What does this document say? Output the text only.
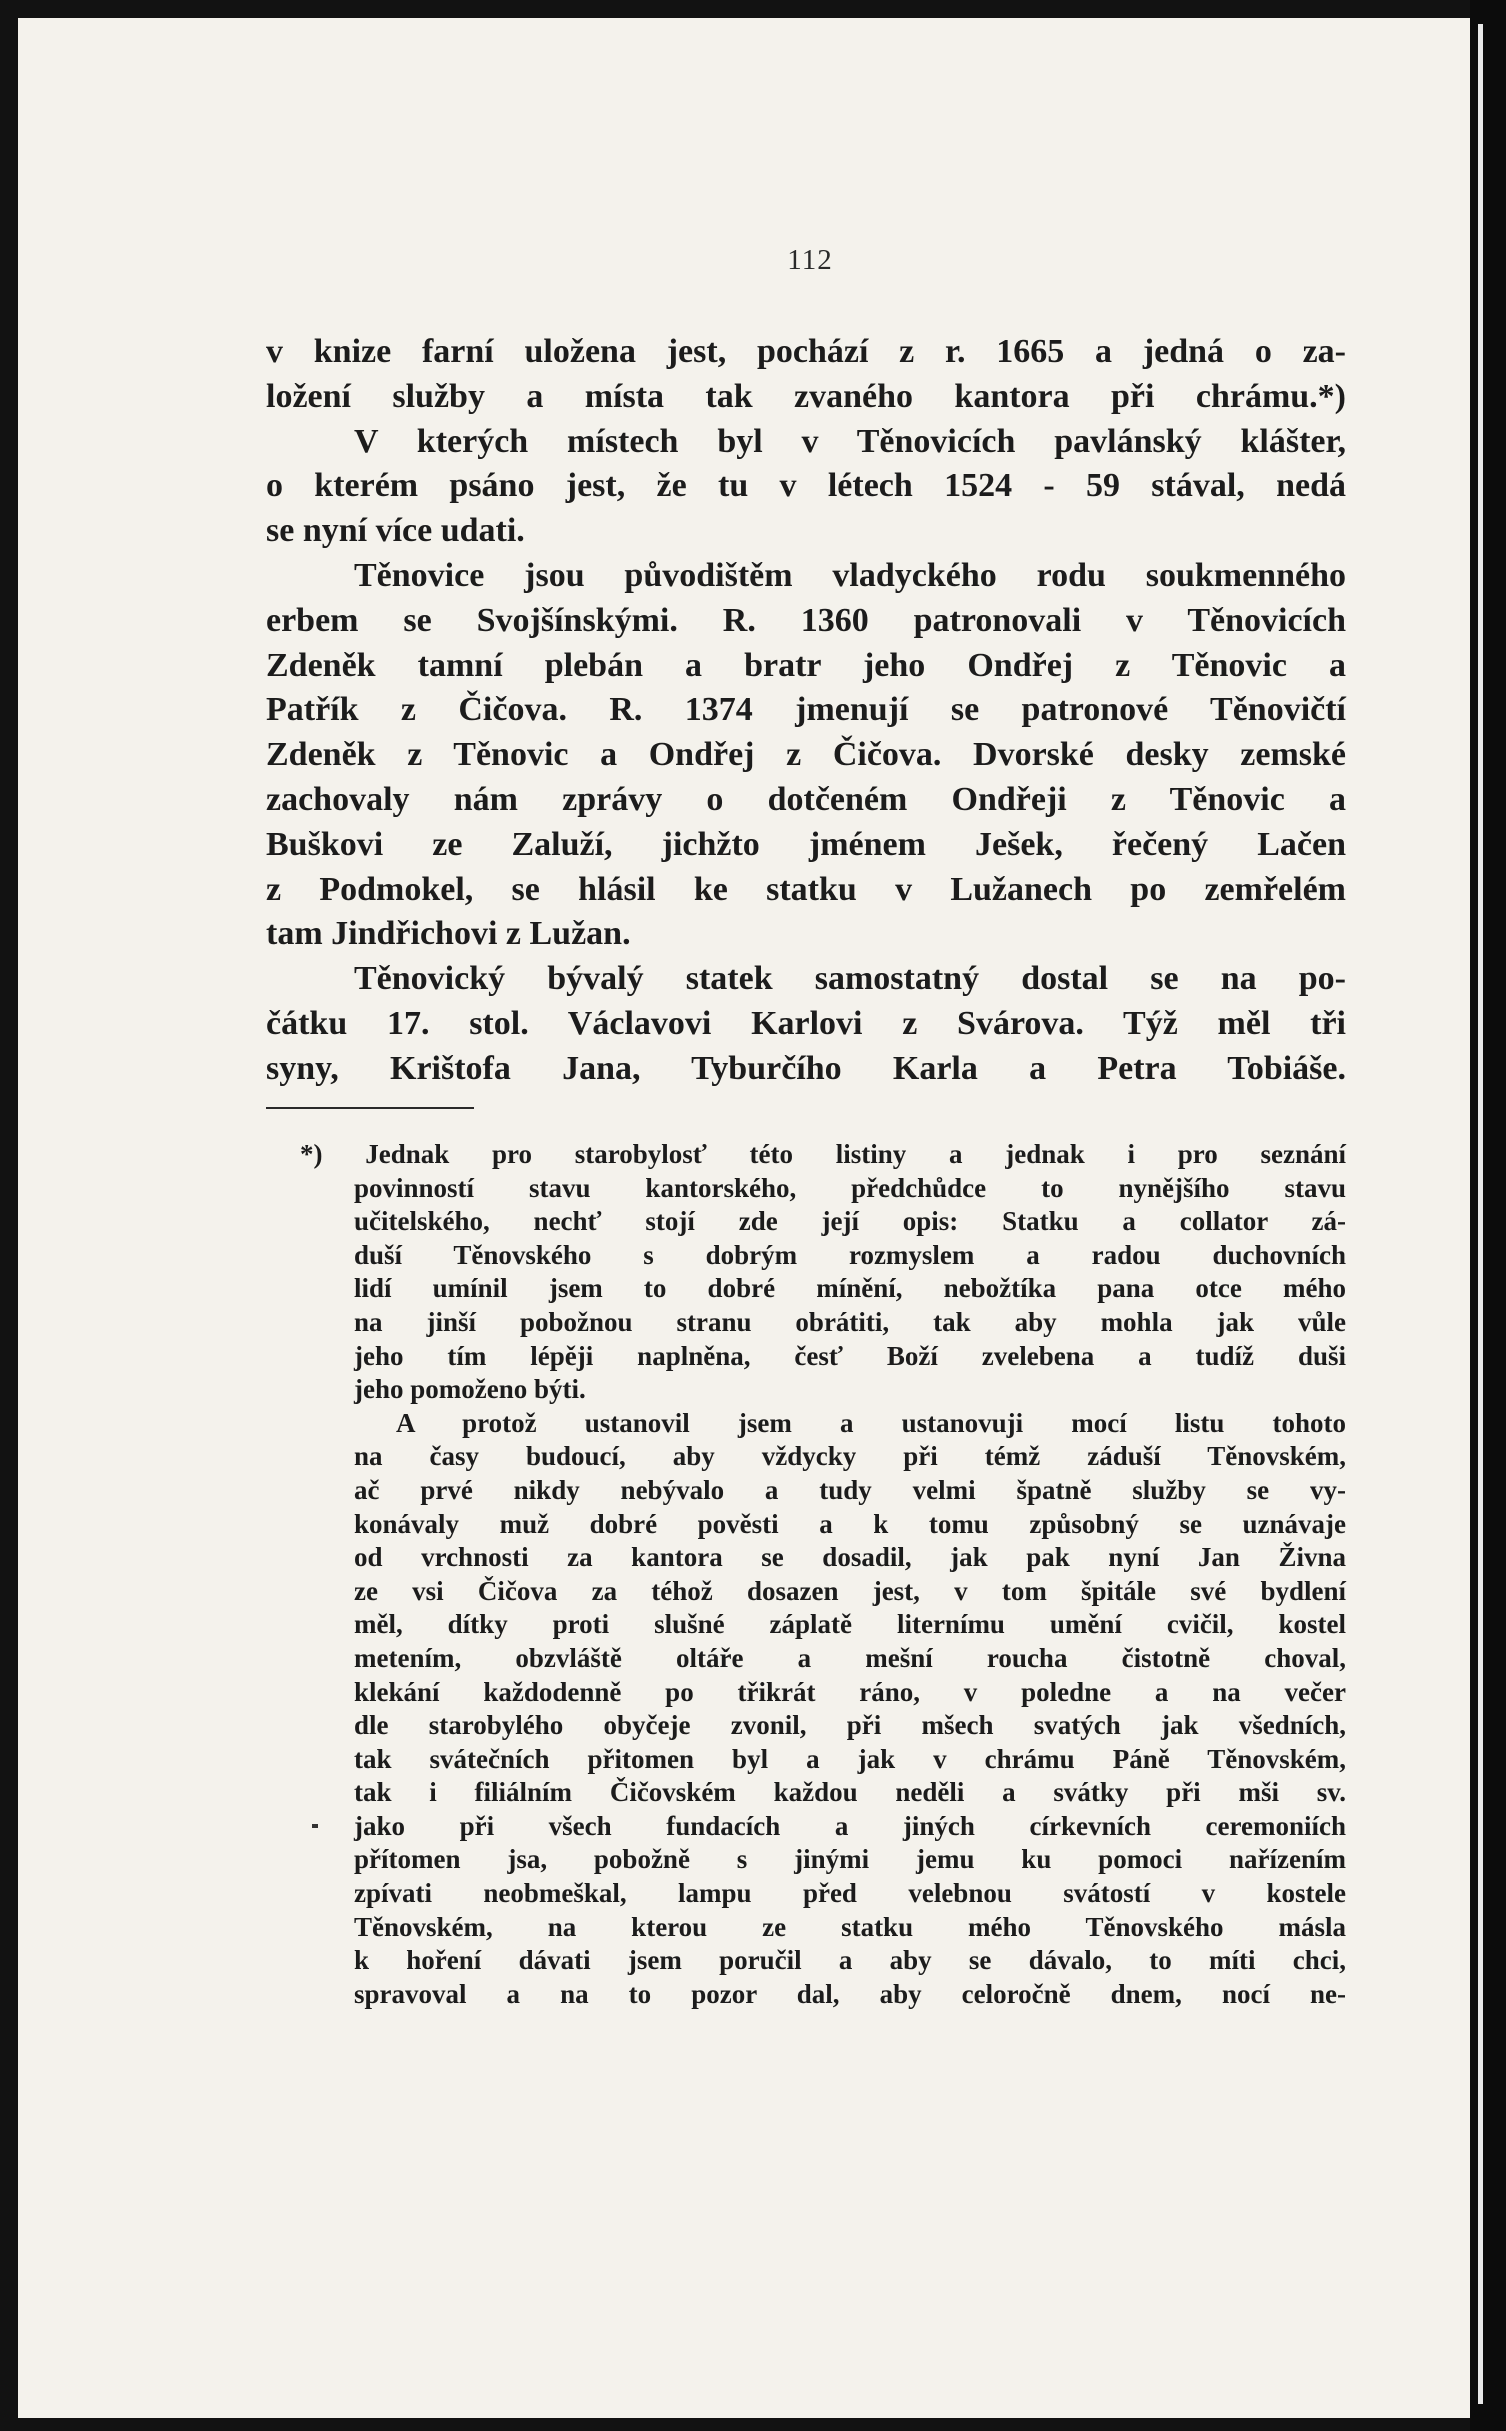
112
v knize farní uložena jest, pochází z r. 1665 a jedná o za-
ložení služby a místa tak zvaného kantora při chrámu.*)
V kterých místech byl v Těnovicích pavlánský klášter,
o kterém psáno jest, že tu v létech 1524 - 59 stával, nedá
se nyní více udati.
Těnovice jsou původištěm vladyckého rodu soukmenného
erbem se Svojšínskými. R. 1360 patronovali v Těnovicích
Zdeněk tamní plebán a bratr jeho Ondřej z Těnovic a
Patřík z Čičova. R. 1374 jmenují se patronové Těnovičtí
Zdeněk z Těnovic a Ondřej z Čičova. Dvorské desky zemské
zachovaly nám zprávy o dotčeném Ondřeji z Těnovic a
Buškovi ze Zaluží, jichžto jménem Ješek, řečený Lačen
z Podmokel, se hlásil ke statku v Lužanech po zemřelém
tam Jindřichovi z Lužan.
Těnovický bývalý statek samostatný dostal se na po-
čátku 17. stol. Václavovi Karlovi z Svárova. Týž měl tři
syny, Krištofa Jana, Tyburčího Karla a Petra Tobiáše.
*) Jednak pro starobylosť této listiny a jednak i pro seznání
povinností stavu kantorského, předchůdce to nynějšího stavu
učitelského, nechť stojí zde její opis: Statku a collator zá-
duší Těnovského s dobrým rozmyslem a radou duchovních
lidí umínil jsem to dobré mínění, nebožtíka pana otce mého
na jinší pobožnou stranu obrátiti, tak aby mohla jak vůle
jeho tím lépěji naplněna, česť Boží zvelebena a tudíž duši
jeho pomoženo býti.
A protož ustanovil jsem a ustanovuji mocí listu tohoto
na časy budoucí, aby vždycky při témž záduší Těnovském,
ač prvé nikdy nebývalo a tudy velmi špatně služby se vy-
konávaly muž dobré pověsti a k tomu způsobný se uznávaje
od vrchnosti za kantora se dosadil, jak pak nyní Jan Živna
ze vsi Čičova za téhož dosazen jest, v tom špitále své bydlení
měl, dítky proti slušné záplatě liternímu umění cvičil, kostel
metením, obzvláště oltáře a mešní roucha čistotně choval,
klekání každodenně po třikrát ráno, v poledne a na večer
dle starobylého obyčeje zvonil, při mšech svatých jak všedních,
tak svátečních přitomen byl a jak v chrámu Páně Těnovském,
tak i filiálním Čičovském každou neděli a svátky při mši sv.
jako při všech fundacích a jiných církevních ceremoniích
přítomen jsa, pobožně s jinými jemu ku pomoci nařízením
zpívati neobmeškal, lampu před velebnou svátostí v kostele
Těnovském, na kterou ze statku mého Těnovského másla
k hoření dávati jsem poručil a aby se dávalo, to míti chci,
spravoval a na to pozor dal, aby celoročně dnem, nocí ne-
